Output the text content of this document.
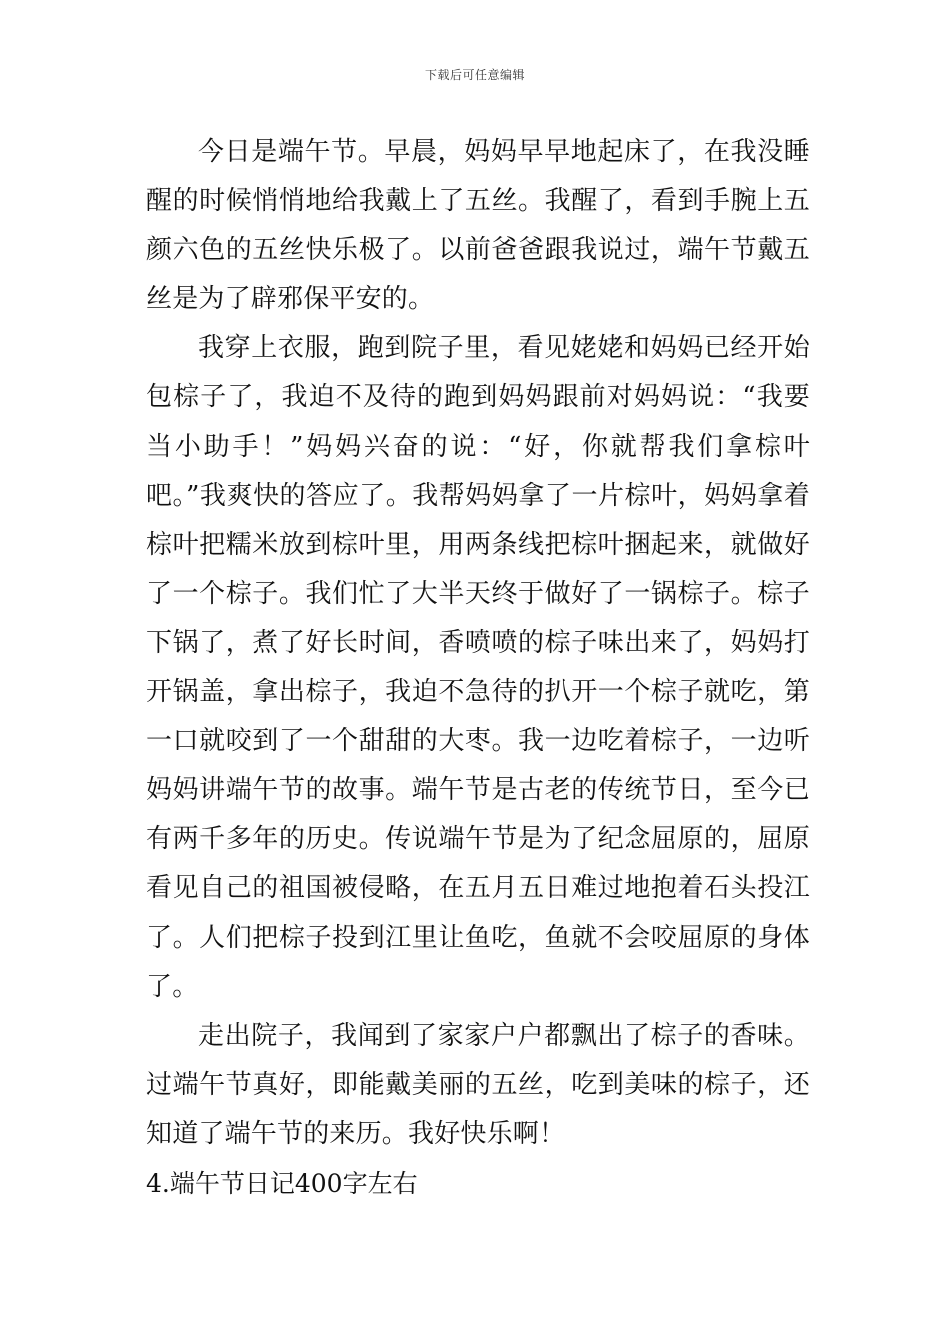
下载后可任意编辑

今日是端午节。早晨，妈妈早早地起床了，在我没睡醒的时候悄悄地给我戴上了五丝。我醒了，看到手腕上五颜六色的五丝快乐极了。以前爸爸跟我说过，端午节戴五丝是为了辟邪保平安的。

我穿上衣服，跑到院子里，看见姥姥和妈妈已经开始包棕子了，我迫不及待的跑到妈妈跟前对妈妈说：“我要当小助手！”妈妈兴奋的说：“好，你就帮我们拿棕叶吧。”我爽快的答应了。我帮妈妈拿了一片棕叶，妈妈拿着棕叶把糯米放到棕叶里，用两条线把棕叶捆起来，就做好了一个棕子。我们忙了大半天终于做好了一锅棕子。棕子下锅了，煮了好长时间，香喷喷的棕子味出来了，妈妈打开锅盖，拿出棕子，我迫不急待的扒开一个棕子就吃，第一口就咬到了一个甜甜的大枣。我一边吃着棕子，一边听妈妈讲端午节的故事。端午节是古老的传统节日，至今已有两千多年的历史。传说端午节是为了纪念屈原的，屈原看见自己的祖国被侵略，在五月五日难过地抱着石头投江了。人们把棕子投到江里让鱼吃，鱼就不会咬屈原的身体了。

走出院子，我闻到了家家户户都飘出了棕子的香味。过端午节真好，即能戴美丽的五丝，吃到美味的棕子，还知道了端午节的来历。我好快乐啊！

4.端午节日记400字左右
